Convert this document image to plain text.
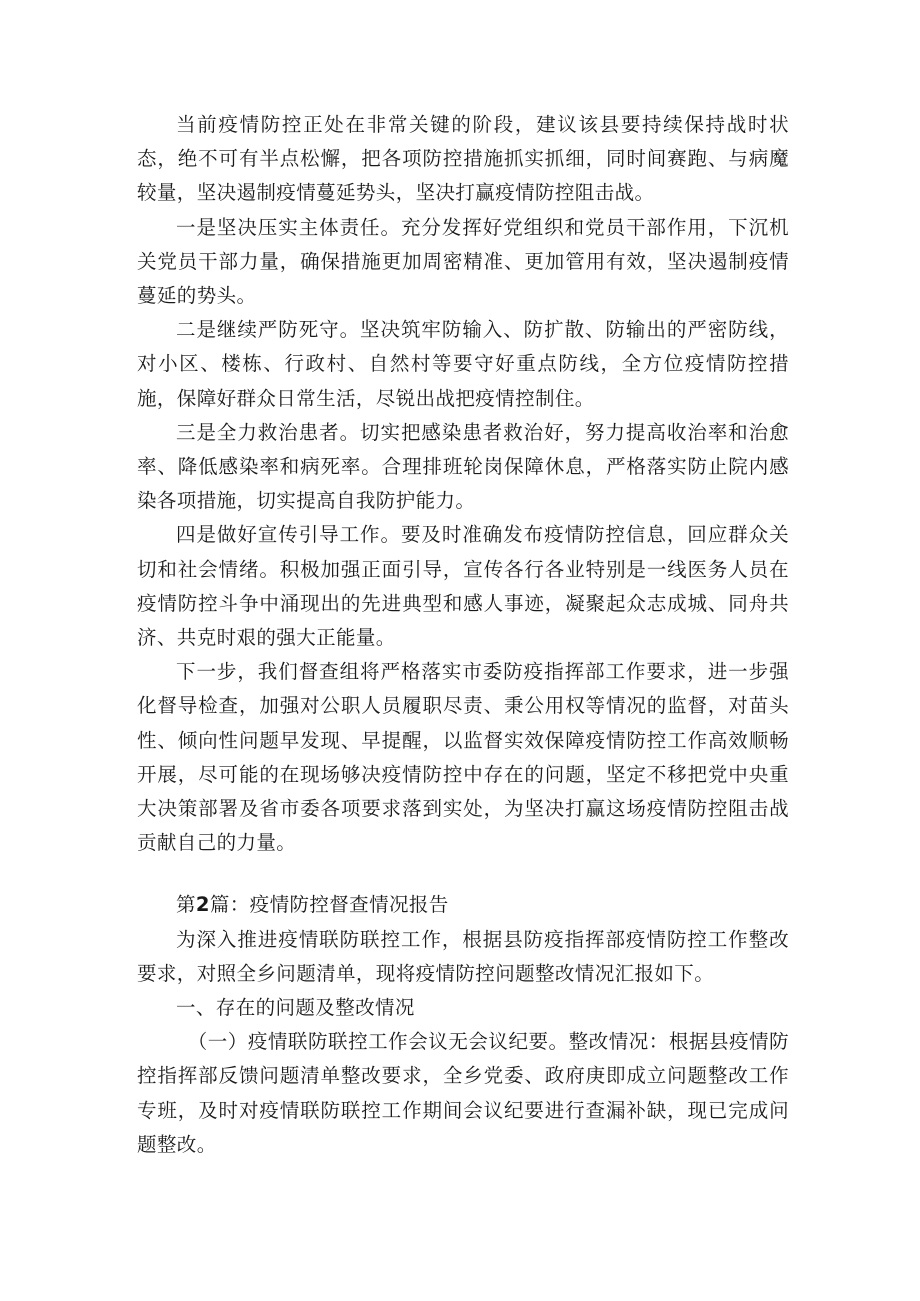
当前疫情防控正处在非常关键的阶段，建议该县要持续保持战时状态，绝不可有半点松懈，把各项防控措施抓实抓细，同时间赛跑、与病魔较量，坚决遏制疫情蔓延势头，坚决打赢疫情防控阻击战。

一是坚决压实主体责任。充分发挥好党组织和党员干部作用，下沉机关党员干部力量，确保措施更加周密精准、更加管用有效，坚决遏制疫情蔓延的势头。

二是继续严防死守。坚决筑牢防输入、防扩散、防输出的严密防线，对小区、楼栋、行政村、自然村等要守好重点防线，全方位疫情防控措施，保障好群众日常生活，尽锐出战把疫情控制住。

三是全力救治患者。切实把感染患者救治好，努力提高收治率和治愈率、降低感染率和病死率。合理排班轮岗保障休息，严格落实防止院内感染各项措施，切实提高自我防护能力。

四是做好宣传引导工作。要及时准确发布疫情防控信息，回应群众关切和社会情绪。积极加强正面引导，宣传各行各业特别是一线医务人员在疫情防控斗争中涌现出的先进典型和感人事迹，凝聚起众志成城、同舟共济、共克时艰的强大正能量。

下一步，我们督查组将严格落实市委防疫指挥部工作要求，进一步强化督导检查，加强对公职人员履职尽责、秉公用权等情况的监督，对苗头性、倾向性问题早发现、早提醒，以监督实效保障疫情防控工作高效顺畅开展，尽可能的在现场够决疫情防控中存在的问题，坚定不移把党中央重大决策部署及省市委各项要求落到实处，为坚决打赢这场疫情防控阻击战贡献自己的力量。

第2篇：疫情防控督查情况报告

为深入推进疫情联防联控工作，根据县防疫指挥部疫情防控工作整改要求，对照全乡问题清单，现将疫情防控问题整改情况汇报如下。

一、存在的问题及整改情况

（一）疫情联防联控工作会议无会议纪要。整改情况：根据县疫情防控指挥部反馈问题清单整改要求，全乡党委、政府庚即成立问题整改工作专班，及时对疫情联防联控工作期间会议纪要进行查漏补缺，现已完成问题整改。
